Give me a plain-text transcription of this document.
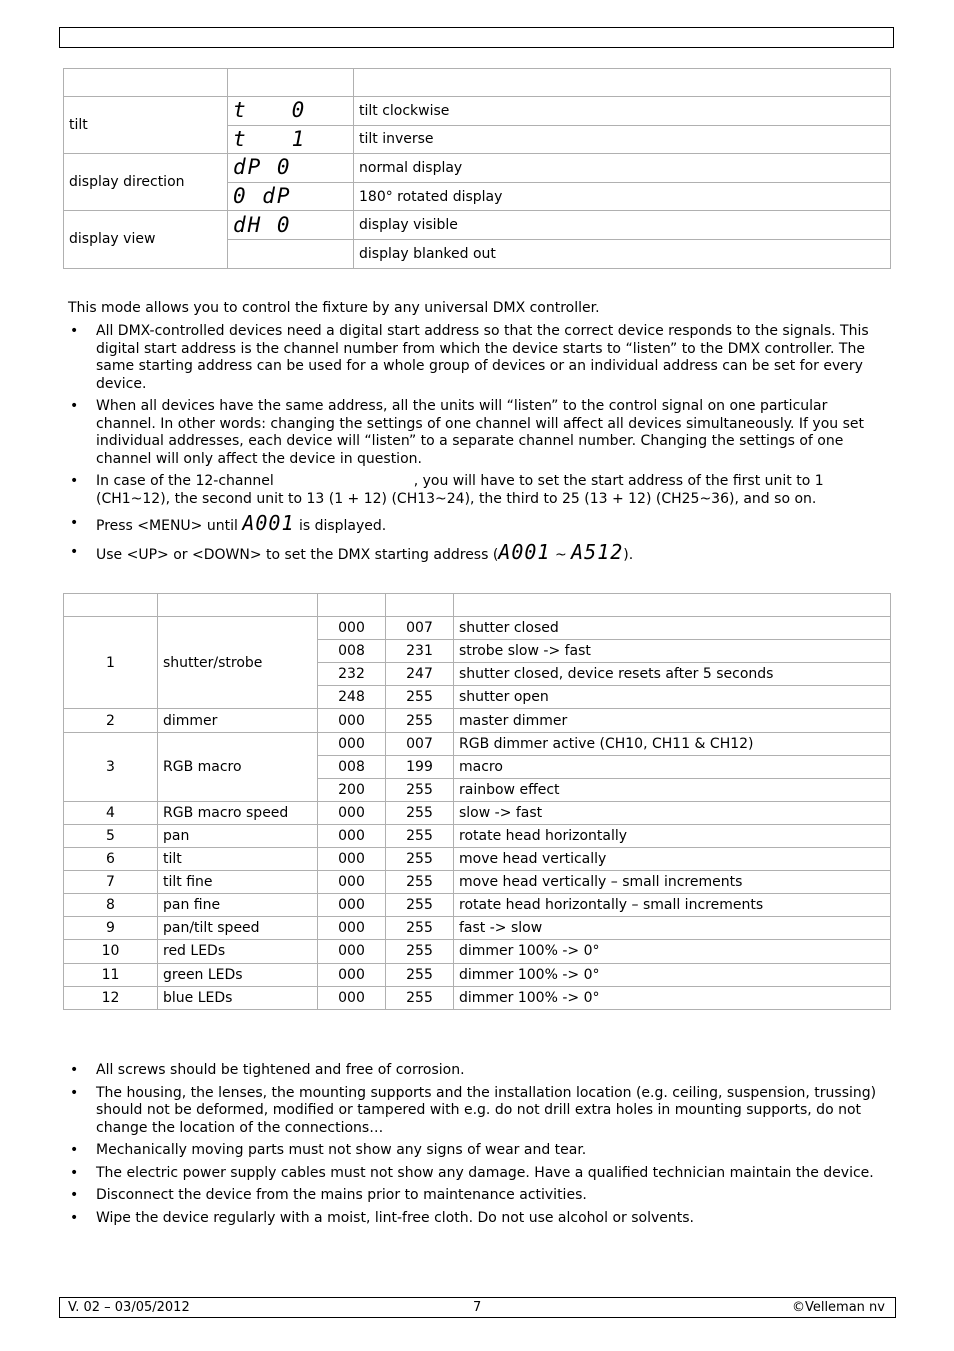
tilt	t   0	tilt clockwise
	t   1	tilt inverse
display direction	dP 0	normal display
	0 dP	180° rotated display
display view	dH 0	display visible
		display blanked out
This mode allows you to control the fixture by any universal DMX controller.
• All DMX-controlled devices need a digital start address so that the correct device responds to the signals. This digital start address is the channel number from which the device starts to “listen” to the DMX controller. The same starting address can be used for a whole group of devices or an individual address can be set for every device.
• When all devices have the same address, all the units will “listen” to the control signal on one particular channel. In other words: changing the settings of one channel will affect all devices simultaneously. If you set individual addresses, each device will “listen” to a separate channel number. Changing the settings of one channel will only affect the device in question.
• In case of the 12-channel	, you will have to set the start address of the first unit to 1 (CH1~12), the second unit to 13 (1 + 12) (CH13~24), the third to 25 (13 + 12) (CH25~36), and so on.
• Press <MENU> until A001 is displayed.
• Use <UP> or <DOWN> to set the DMX starting address (A001 ~ A512).

1	shutter/strobe	000	007	shutter closed
		008	231	strobe slow -> fast
		232	247	shutter closed, device resets after 5 seconds
		248	255	shutter open
2	dimmer	000	255	master dimmer
3	RGB macro	000	007	RGB dimmer active (CH10, CH11 & CH12)
		008	199	macro
		200	255	rainbow effect
4	RGB macro speed	000	255	slow -> fast
5	pan	000	255	rotate head horizontally
6	tilt	000	255	move head vertically
7	tilt fine	000	255	move head vertically – small increments
8	pan fine	000	255	rotate head horizontally – small increments
9	pan/tilt speed	000	255	fast -> slow
10	red LEDs	000	255	dimmer 100% -> 0°
11	green LEDs	000	255	dimmer 100% -> 0°
12	blue LEDs	000	255	dimmer 100% -> 0°
• All screws should be tightened and free of corrosion.
• The housing, the lenses, the mounting supports and the installation location (e.g. ceiling, suspension, trussing) should not be deformed, modified or tampered with e.g. do not drill extra holes in mounting supports, do not change the location of the connections…
• Mechanically moving parts must not show any signs of wear and tear.
• The electric power supply cables must not show any damage. Have a qualified technician maintain the device.
• Disconnect the device from the mains prior to maintenance activities.
• Wipe the device regularly with a moist, lint-free cloth. Do not use alcohol or solvents.
V. 02 – 03/05/2012	7	©Velleman nv
